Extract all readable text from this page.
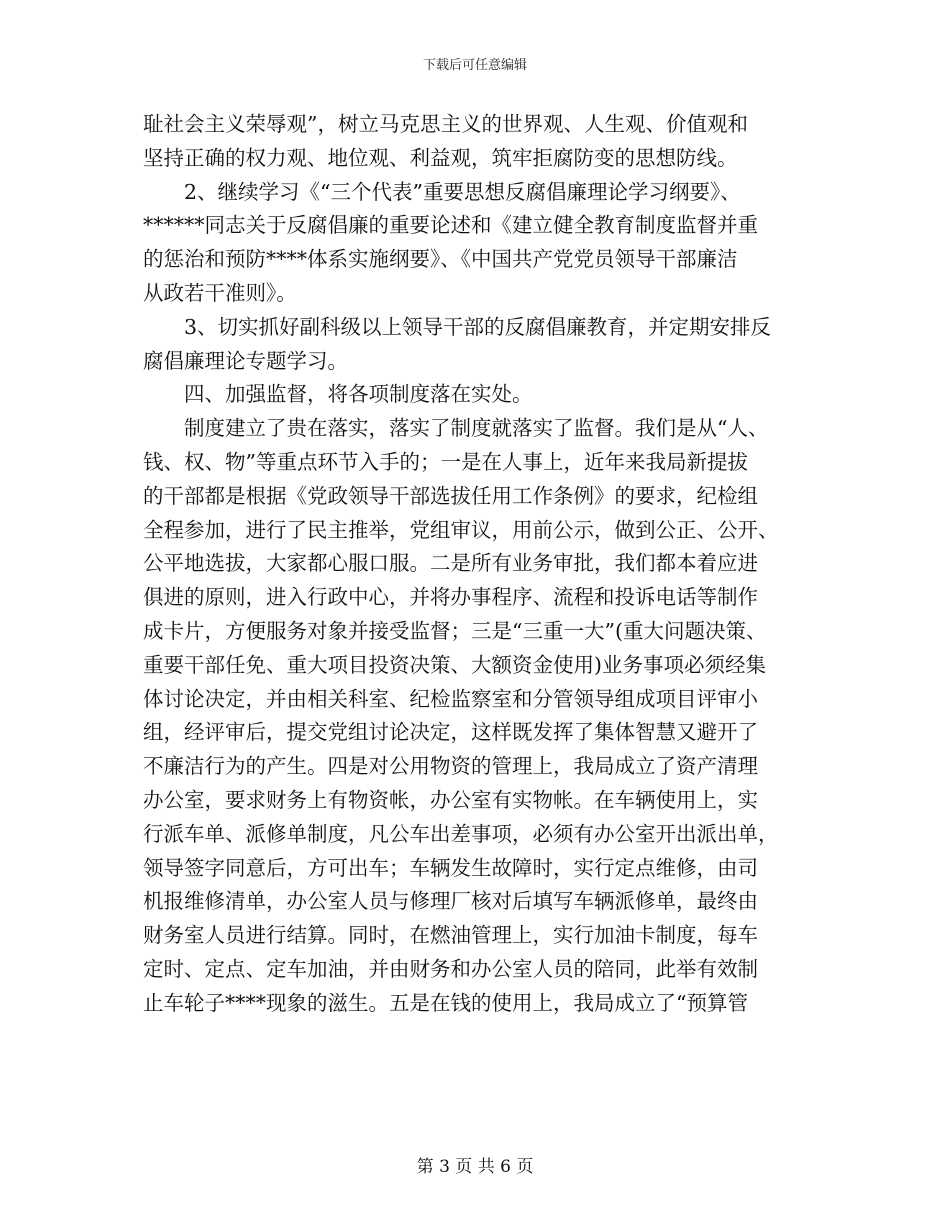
下载后可任意编辑
耻社会主义荣辱观”，树立马克思主义的世界观、人生观、价值观和
坚持正确的权力观、地位观、利益观，筑牢拒腐防变的思想防线。
2、继续学习《“三个代表”重要思想反腐倡廉理论学习纲要》、
******同志关于反腐倡廉的重要论述和《建立健全教育制度监督并重
的惩治和预防****体系实施纲要》、《中国共产党党员领导干部廉洁
从政若干准则》。
3、切实抓好副科级以上领导干部的反腐倡廉教育，并定期安排反
腐倡廉理论专题学习。
四、加强监督，将各项制度落在实处。
制度建立了贵在落实，落实了制度就落实了监督。我们是从“人、
钱、权、物”等重点环节入手的；一是在人事上，近年来我局新提拔
的干部都是根据《党政领导干部选拔任用工作条例》的要求，纪检组
全程参加，进行了民主推举，党组审议，用前公示，做到公正、公开、
公平地选拔，大家都心服口服。二是所有业务审批，我们都本着应进
俱进的原则，进入行政中心，并将办事程序、流程和投诉电话等制作
成卡片，方便服务对象并接受监督；三是“三重一大”(重大问题决策、
重要干部任免、重大项目投资决策、大额资金使用)业务事项必须经集
体讨论决定，并由相关科室、纪检监察室和分管领导组成项目评审小
组，经评审后，提交党组讨论决定，这样既发挥了集体智慧又避开了
不廉洁行为的产生。四是对公用物资的管理上，我局成立了资产清理
办公室，要求财务上有物资帐，办公室有实物帐。在车辆使用上，实
行派车单、派修单制度，凡公车出差事项，必须有办公室开出派出单，
领导签字同意后，方可出车；车辆发生故障时，实行定点维修，由司
机报维修清单，办公室人员与修理厂核对后填写车辆派修单，最终由
财务室人员进行结算。同时，在燃油管理上，实行加油卡制度，每车
定时、定点、定车加油，并由财务和办公室人员的陪同，此举有效制
止车轮子****现象的滋生。五是在钱的使用上，我局成立了“预算管
第 3 页 共 6 页
